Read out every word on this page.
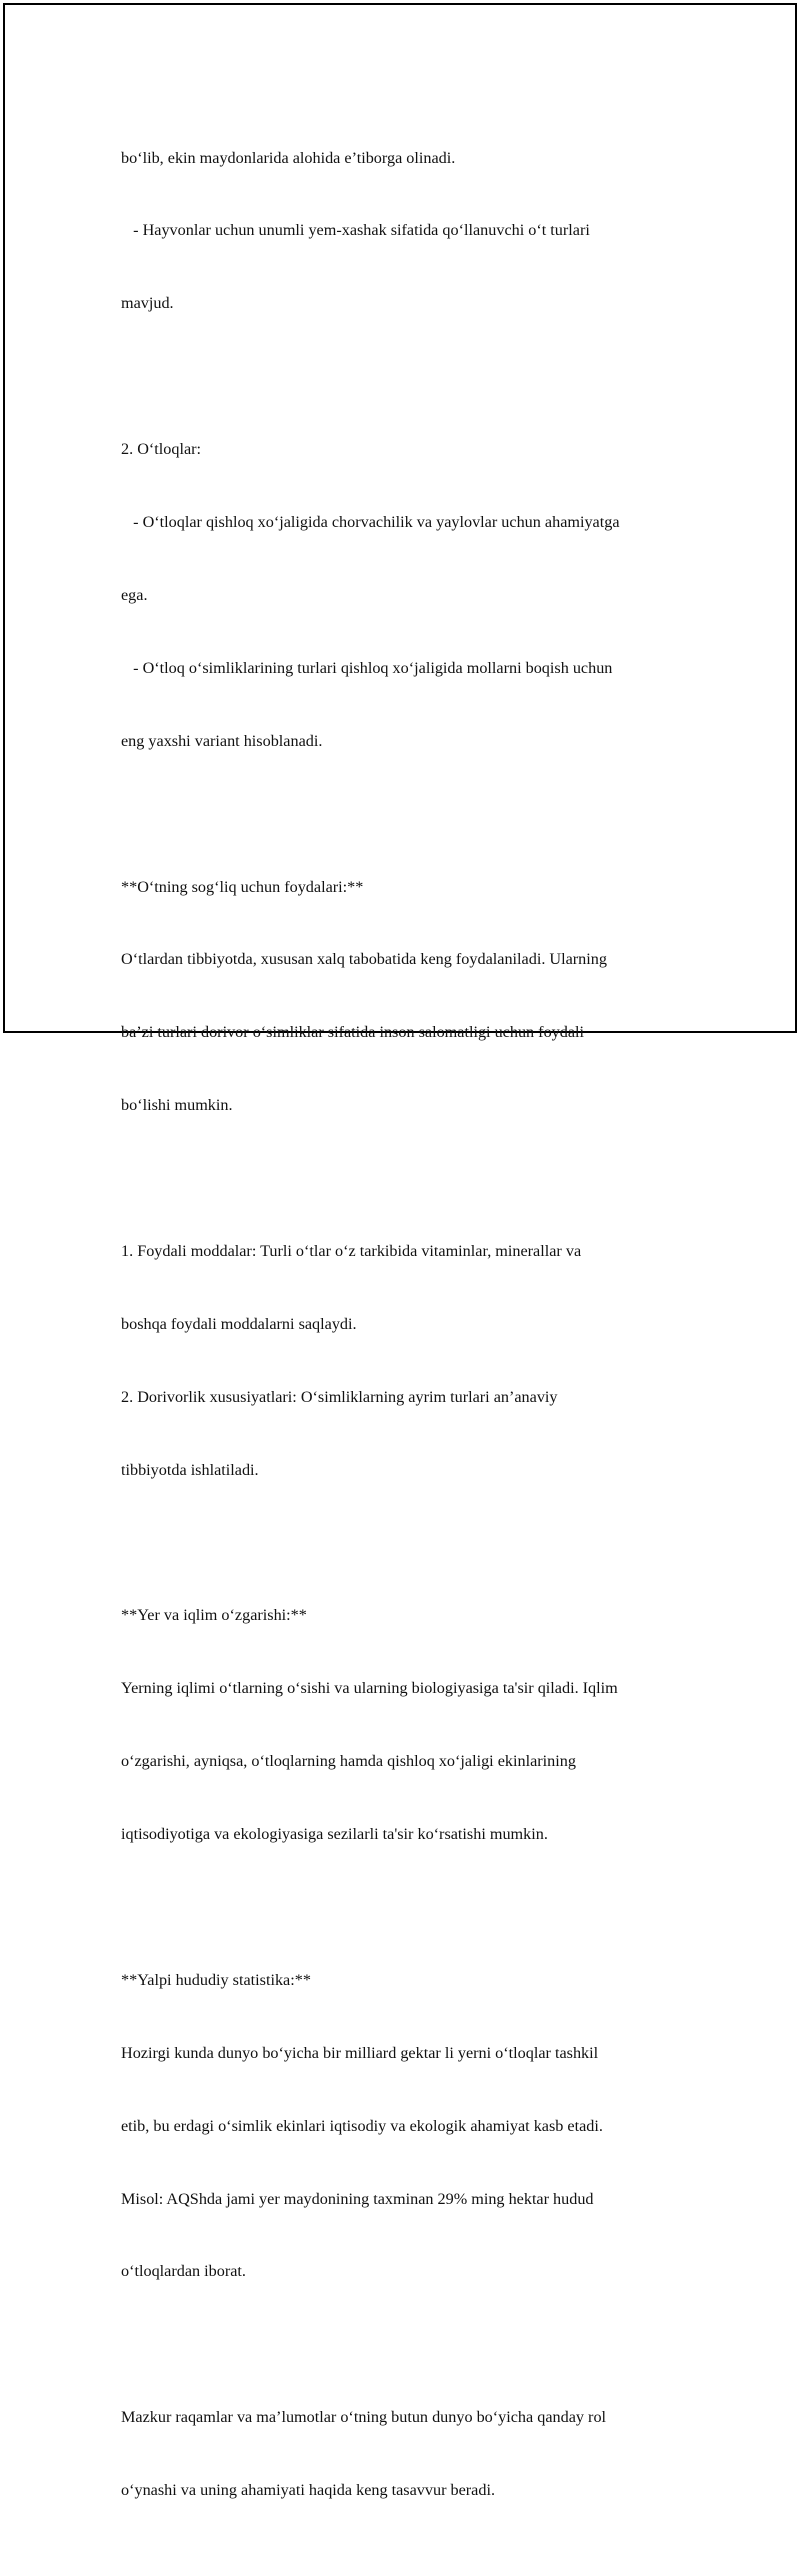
bo‘lib, ekin maydonlarida alohida e’tiborga olinadi.

- Hayvonlar uchun unumli yem-xashak sifatida qo‘llanuvchi o‘t turlari

mavjud.

2. O‘tloqlar:

- O‘tloqlar qishloq xo‘jaligida chorvachilik va yaylovlar uchun ahamiyatga

ega.

- O‘tloq o‘simliklarining turlari qishloq xo‘jaligida mollarni boqish uchun

eng yaxshi variant hisoblanadi.

**O‘tning sog‘liq uchun foydalari:**

O‘tlardan tibbiyotda, xususan xalq tabobatida keng foydalaniladi. Ularning

ba’zi turlari dorivor o‘simliklar sifatida inson salomatligi uchun foydali

bo‘lishi mumkin.

1. Foydali moddalar: Turli o‘tlar o‘z tarkibida vitaminlar, minerallar va

boshqa foydali moddalarni saqlaydi.

2. Dorivorlik xususiyatlari: O‘simliklarning ayrim turlari an’anaviy

tibbiyotda ishlatiladi.

**Yer va iqlim o‘zgarishi:**

Yerning iqlimi o‘tlarning o‘sishi va ularning biologiyasiga ta'sir qiladi. Iqlim

o‘zgarishi, ayniqsa, o‘tloqlarning hamda qishloq xo‘jaligi ekinlarining

iqtisodiyotiga va ekologiyasiga sezilarli ta'sir ko‘rsatishi mumkin.

**Yalpi hududiy statistika:**

Hozirgi kunda dunyo bo‘yicha bir milliard gektar li yerni o‘tloqlar tashkil

etib, bu erdagi o‘simlik ekinlari iqtisodiy va ekologik ahamiyat kasb etadi.

Misol: AQShda jami yer maydonining taxminan 29% ming hektar hudud

o‘tloqlardan iborat.

Mazkur raqamlar va ma’lumotlar o‘tning butun dunyo bo‘yicha qanday rol

o‘ynashi va uning ahamiyati haqida keng tasavvur beradi.
